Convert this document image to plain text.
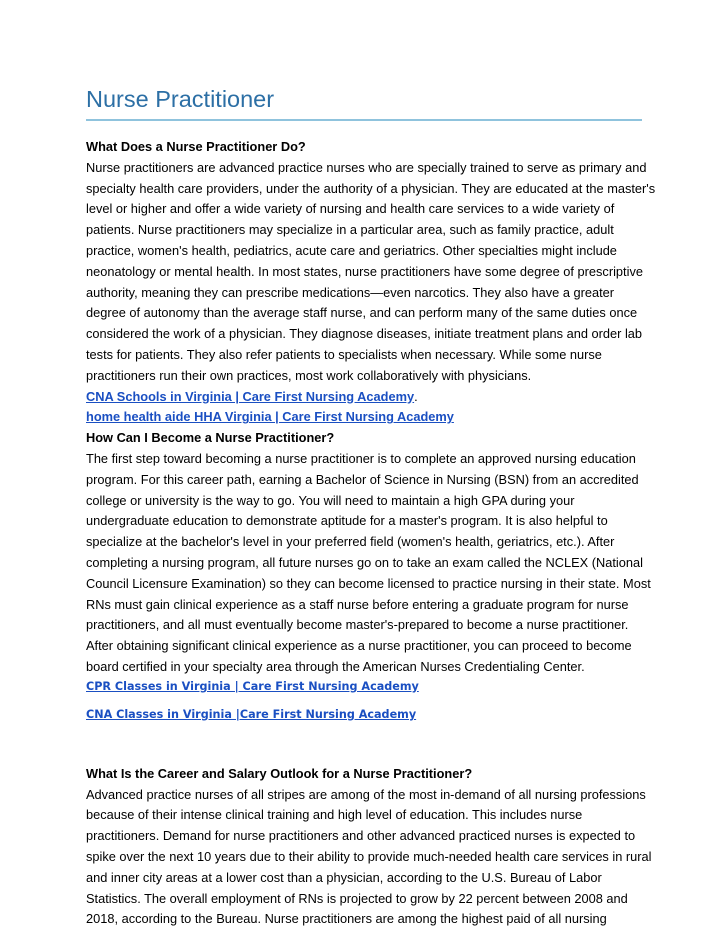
Nurse Practitioner
What Does a Nurse Practitioner Do?
Nurse practitioners are advanced practice nurses who are specially trained to serve as primary and
specialty health care providers, under the authority of a physician. They are educated at the master's
level or higher and offer a wide variety of nursing and health care services to a wide variety of
patients. Nurse practitioners may specialize in a particular area, such as family practice, adult
practice, women's health, pediatrics, acute care and geriatrics. Other specialties might include
neonatology or mental health. In most states, nurse practitioners have some degree of prescriptive
authority, meaning they can prescribe medications—even narcotics. They also have a greater
degree of autonomy than the average staff nurse, and can perform many of the same duties once
considered the work of a physician. They diagnose diseases, initiate treatment plans and order lab
tests for patients. They also refer patients to specialists when necessary. While some nurse
practitioners run their own practices, most work collaboratively with physicians.
CNA Schools in Virginia | Care First Nursing Academy.
home health aide HHA Virginia | Care First Nursing Academy
How Can I Become a Nurse Practitioner?
The first step toward becoming a nurse practitioner is to complete an approved nursing education
program. For this career path, earning a Bachelor of Science in Nursing (BSN) from an accredited
college or university is the way to go. You will need to maintain a high GPA during your
undergraduate education to demonstrate aptitude for a master's program. It is also helpful to
specialize at the bachelor's level in your preferred field (women's health, geriatrics, etc.). After
completing a nursing program, all future nurses go on to take an exam called the NCLEX (National
Council Licensure Examination) so they can become licensed to practice nursing in their state. Most
RNs must gain clinical experience as a staff nurse before entering a graduate program for nurse
practitioners, and all must eventually become master's-prepared to become a nurse practitioner.
After obtaining significant clinical experience as a nurse practitioner, you can proceed to become
board certified in your specialty area through the American Nurses Credentialing Center.
CPR Classes in Virginia | Care First Nursing Academy
CNA Classes in Virginia |Care First Nursing Academy
What Is the Career and Salary Outlook for a Nurse Practitioner?
Advanced practice nurses of all stripes are among of the most in-demand of all nursing professions
because of their intense clinical training and high level of education. This includes nurse
practitioners. Demand for nurse practitioners and other advanced practiced nurses is expected to
spike over the next 10 years due to their ability to provide much-needed health care services in rural
and inner city areas at a lower cost than a physician, according to the U.S. Bureau of Labor
Statistics. The overall employment of RNs is projected to grow by 22 percent between 2008 and
2018, according to the Bureau. Nurse practitioners are among the highest paid of all nursing
